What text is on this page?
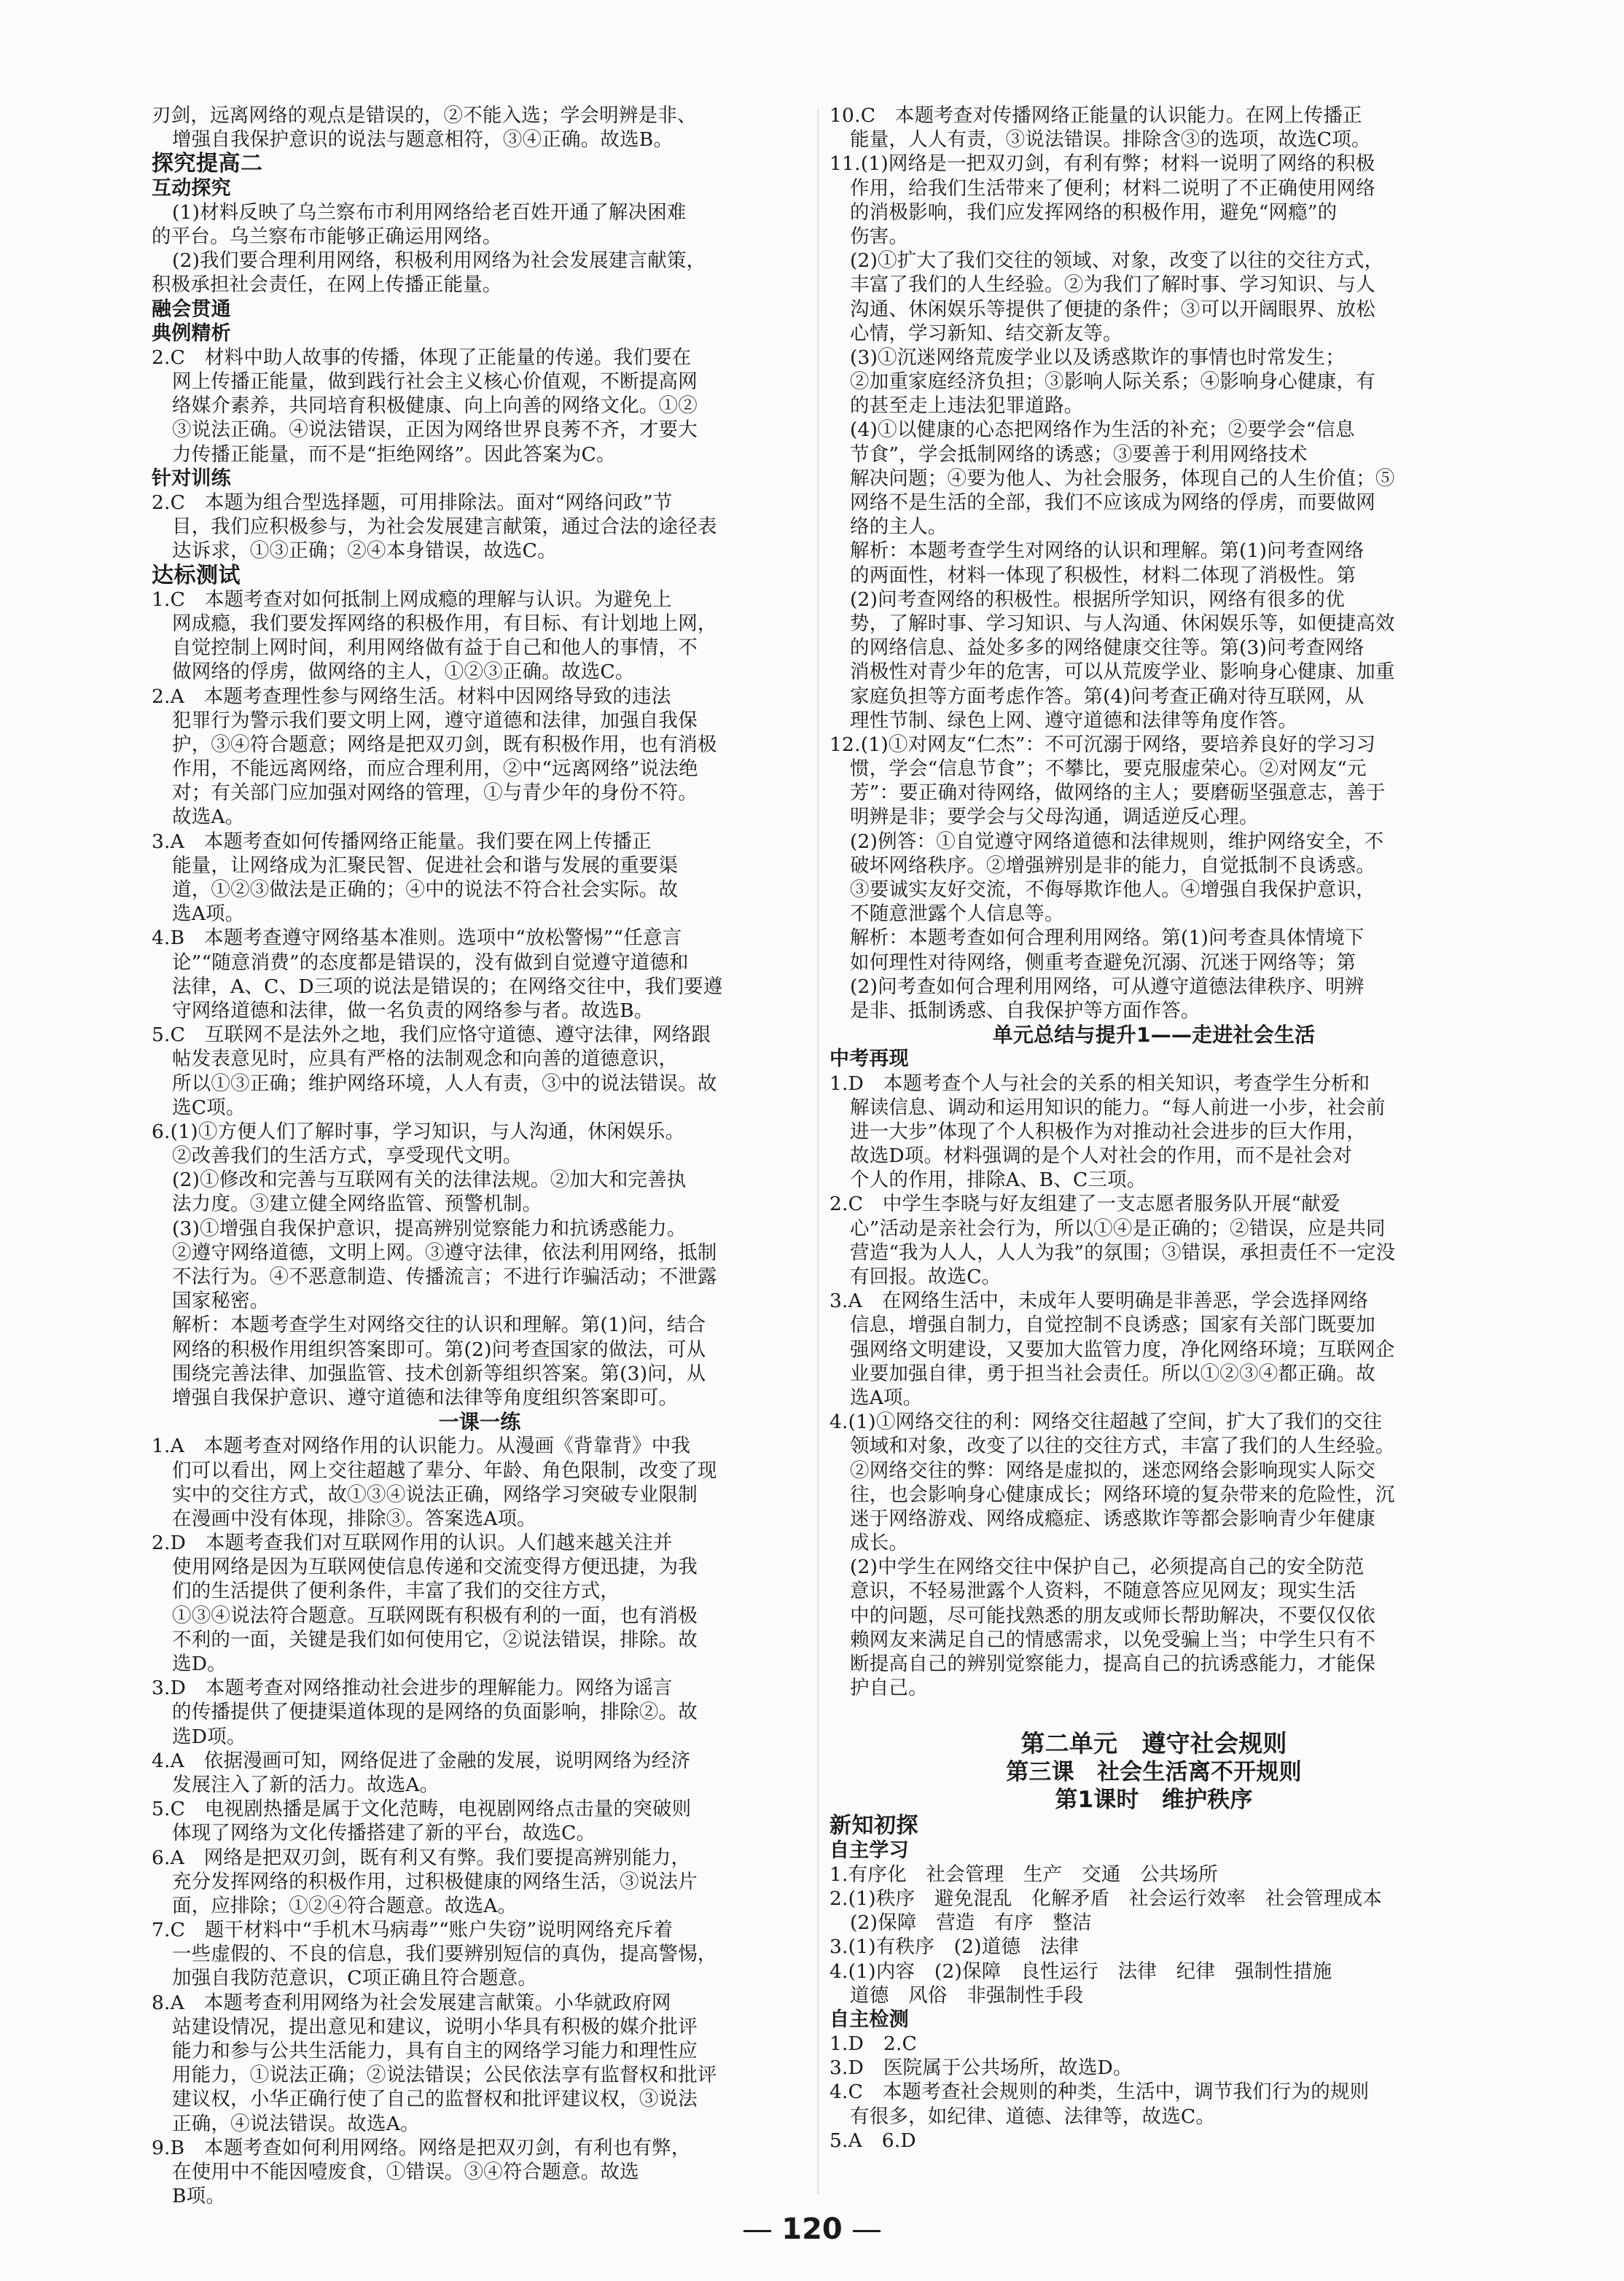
刃剑，远离网络的观点是错误的，②不能入选；学会明辨是非、
增强自我保护意识的说法与题意相符，③④正确。故选B。
探究提高二
互动探究
(1)材料反映了乌兰察布市利用网络给老百姓开通了解决困难
的平台。乌兰察布市能够正确运用网络。
(2)我们要合理利用网络，积极利用网络为社会发展建言献策，
积极承担社会责任，在网上传播正能量。
融会贯通
典例精析
2.C　材料中助人故事的传播，体现了正能量的传递。我们要在
网上传播正能量，做到践行社会主义核心价值观，不断提高网
络媒介素养，共同培育积极健康、向上向善的网络文化。①②
③说法正确。④说法错误，正因为网络世界良莠不齐，才要大
力传播正能量，而不是“拒绝网络”。因此答案为C。
针对训练
2.C　本题为组合型选择题，可用排除法。面对“网络问政”节
目，我们应积极参与，为社会发展建言献策，通过合法的途径表
达诉求，①③正确；②④本身错误，故选C。
达标测试
1.C　本题考查对如何抵制上网成瘾的理解与认识。为避免上
网成瘾，我们要发挥网络的积极作用，有目标、有计划地上网，
自觉控制上网时间，利用网络做有益于自己和他人的事情，不
做网络的俘虏，做网络的主人，①②③正确。故选C。
2.A　本题考查理性参与网络生活。材料中因网络导致的违法
犯罪行为警示我们要文明上网，遵守道德和法律，加强自我保
护，③④符合题意；网络是把双刃剑，既有积极作用，也有消极
作用，不能远离网络，而应合理利用，②中“远离网络”说法绝
对；有关部门应加强对网络的管理，①与青少年的身份不符。
故选A。
3.A　本题考查如何传播网络正能量。我们要在网上传播正
能量，让网络成为汇聚民智、促进社会和谐与发展的重要渠
道，①②③做法是正确的；④中的说法不符合社会实际。故
选A项。
4.B　本题考查遵守网络基本准则。选项中“放松警惕”“任意言
论”“随意消费”的态度都是错误的，没有做到自觉遵守道德和
法律，A、C、D三项的说法是错误的；在网络交往中，我们要遵
守网络道德和法律，做一名负责的网络参与者。故选B。
5.C　互联网不是法外之地，我们应恪守道德、遵守法律，网络跟
帖发表意见时，应具有严格的法制观念和向善的道德意识，
所以①③正确；维护网络环境，人人有责，③中的说法错误。故
选C项。
6.(1)①方便人们了解时事，学习知识，与人沟通，休闲娱乐。
②改善我们的生活方式，享受现代文明。
(2)①修改和完善与互联网有关的法律法规。②加大和完善执
法力度。③建立健全网络监管、预警机制。
(3)①增强自我保护意识，提高辨别觉察能力和抗诱惑能力。
②遵守网络道德，文明上网。③遵守法律，依法利用网络，抵制
不法行为。④不恶意制造、传播流言；不进行诈骗活动；不泄露
国家秘密。
解析：本题考查学生对网络交往的认识和理解。第(1)问，结合
网络的积极作用组织答案即可。第(2)问考查国家的做法，可从
围绕完善法律、加强监管、技术创新等组织答案。第(3)问，从
增强自我保护意识、遵守道德和法律等角度组织答案即可。
一课一练
1.A　本题考查对网络作用的认识能力。从漫画《背靠背》中我
们可以看出，网上交往超越了辈分、年龄、角色限制，改变了现
实中的交往方式，故①③④说法正确，网络学习突破专业限制
在漫画中没有体现，排除③。答案选A项。
2.D　本题考查我们对互联网作用的认识。人们越来越关注并
使用网络是因为互联网使信息传递和交流变得方便迅捷，为我
们的生活提供了便利条件，丰富了我们的交往方式，
①③④说法符合题意。互联网既有积极有利的一面，也有消极
不利的一面，关键是我们如何使用它，②说法错误，排除。故
选D。
3.D　本题考查对网络推动社会进步的理解能力。网络为谣言
的传播提供了便捷渠道体现的是网络的负面影响，排除②。故
选D项。
4.A　依据漫画可知，网络促进了金融的发展，说明网络为经济
发展注入了新的活力。故选A。
5.C　电视剧热播是属于文化范畴，电视剧网络点击量的突破则
体现了网络为文化传播搭建了新的平台，故选C。
6.A　网络是把双刃剑，既有利又有弊。我们要提高辨别能力，
充分发挥网络的积极作用，过积极健康的网络生活，③说法片
面，应排除；①②④符合题意。故选A。
7.C　题干材料中“手机木马病毒”“账户失窃”说明网络充斥着
一些虚假的、不良的信息，我们要辨别短信的真伪，提高警惕，
加强自我防范意识，C项正确且符合题意。
8.A　本题考查利用网络为社会发展建言献策。小华就政府网
站建设情况，提出意见和建议，说明小华具有积极的媒介批评
能力和参与公共生活能力，具有自主的网络学习能力和理性应
用能力，①说法正确；②说法错误；公民依法享有监督权和批评
建议权，小华正确行使了自己的监督权和批评建议权，③说法
正确，④说法错误。故选A。
9.B　本题考查如何利用网络。网络是把双刃剑，有利也有弊，
在使用中不能因噎废食，①错误。③④符合题意。故选
B项。
10.C　本题考查对传播网络正能量的认识能力。在网上传播正
能量，人人有责，③说法错误。排除含③的选项，故选C项。
11.(1)网络是一把双刃剑，有利有弊；材料一说明了网络的积极
作用，给我们生活带来了便利；材料二说明了不正确使用网络
的消极影响，我们应发挥网络的积极作用，避免“网瘾”的
伤害。
(2)①扩大了我们交往的领域、对象，改变了以往的交往方式，
丰富了我们的人生经验。②为我们了解时事、学习知识、与人
沟通、休闲娱乐等提供了便捷的条件；③可以开阔眼界、放松
心情，学习新知、结交新友等。
(3)①沉迷网络荒废学业以及诱惑欺诈的事情也时常发生；
②加重家庭经济负担；③影响人际关系；④影响身心健康，有
的甚至走上违法犯罪道路。
(4)①以健康的心态把网络作为生活的补充；②要学会“信息
节食”，学会抵制网络的诱惑；③要善于利用网络技术
解决问题；④要为他人、为社会服务，体现自己的人生价值；⑤
网络不是生活的全部，我们不应该成为网络的俘虏，而要做网
络的主人。
解析：本题考查学生对网络的认识和理解。第(1)问考查网络
的两面性，材料一体现了积极性，材料二体现了消极性。第
(2)问考查网络的积极性。根据所学知识，网络有很多的优
势，了解时事、学习知识、与人沟通、休闲娱乐等，如便捷高效
的网络信息、益处多多的网络健康交往等。第(3)问考查网络
消极性对青少年的危害，可以从荒废学业、影响身心健康、加重
家庭负担等方面考虑作答。第(4)问考查正确对待互联网，从
理性节制、绿色上网、遵守道德和法律等角度作答。
12.(1)①对网友“仁杰”：不可沉溺于网络，要培养良好的学习习
惯，学会“信息节食”；不攀比，要克服虚荣心。②对网友“元
芳”：要正确对待网络，做网络的主人；要磨砺坚强意志，善于
明辨是非；要学会与父母沟通，调适逆反心理。
(2)例答：①自觉遵守网络道德和法律规则，维护网络安全，不
破坏网络秩序。②增强辨别是非的能力，自觉抵制不良诱惑。
③要诚实友好交流，不侮辱欺诈他人。④增强自我保护意识，
不随意泄露个人信息等。
解析：本题考查如何合理利用网络。第(1)问考查具体情境下
如何理性对待网络，侧重考查避免沉溺、沉迷于网络等；第
(2)问考查如何合理利用网络，可从遵守道德法律秩序、明辨
是非、抵制诱惑、自我保护等方面作答。
单元总结与提升1——走进社会生活
中考再现
1.D　本题考查个人与社会的关系的相关知识，考查学生分析和
解读信息、调动和运用知识的能力。“每人前进一小步，社会前
进一大步”体现了个人积极作为对推动社会进步的巨大作用，
故选D项。材料强调的是个人对社会的作用，而不是社会对
个人的作用，排除A、B、C三项。
2.C　中学生李晓与好友组建了一支志愿者服务队开展“献爱
心”活动是亲社会行为，所以①④是正确的；②错误，应是共同
营造“我为人人，人人为我”的氛围；③错误，承担责任不一定没
有回报。故选C。
3.A　在网络生活中，未成年人要明确是非善恶，学会选择网络
信息，增强自制力，自觉控制不良诱惑；国家有关部门既要加
强网络文明建设，又要加大监管力度，净化网络环境；互联网企
业要加强自律，勇于担当社会责任。所以①②③④都正确。故
选A项。
4.(1)①网络交往的利：网络交往超越了空间，扩大了我们的交往
领域和对象，改变了以往的交往方式，丰富了我们的人生经验。
②网络交往的弊：网络是虚拟的，迷恋网络会影响现实人际交
往，也会影响身心健康成长；网络环境的复杂带来的危险性，沉
迷于网络游戏、网络成瘾症、诱惑欺诈等都会影响青少年健康
成长。
(2)中学生在网络交往中保护自己，必须提高自己的安全防范
意识，不轻易泄露个人资料，不随意答应见网友；现实生活
中的问题，尽可能找熟悉的朋友或师长帮助解决，不要仅仅依
赖网友来满足自己的情感需求，以免受骗上当；中学生只有不
断提高自己的辨别觉察能力，提高自己的抗诱惑能力，才能保
护自己。
第二单元　遵守社会规则
第三课　社会生活离不开规则
第1课时　维护秩序
新知初探
自主学习
1.有序化　社会管理　生产　交通　公共场所
2.(1)秩序　避免混乱　化解矛盾　社会运行效率　社会管理成本
(2)保障　营造　有序　整洁
3.(1)有秩序　(2)道德　法律
4.(1)内容　(2)保障　良性运行　法律　纪律　强制性措施
道德　风俗　非强制性手段
自主检测
1.D　2.C
3.D　医院属于公共场所，故选D。
4.C　本题考查社会规则的种类，生活中，调节我们行为的规则
有很多，如纪律、道德、法律等，故选C。
5.A　6.D
120
